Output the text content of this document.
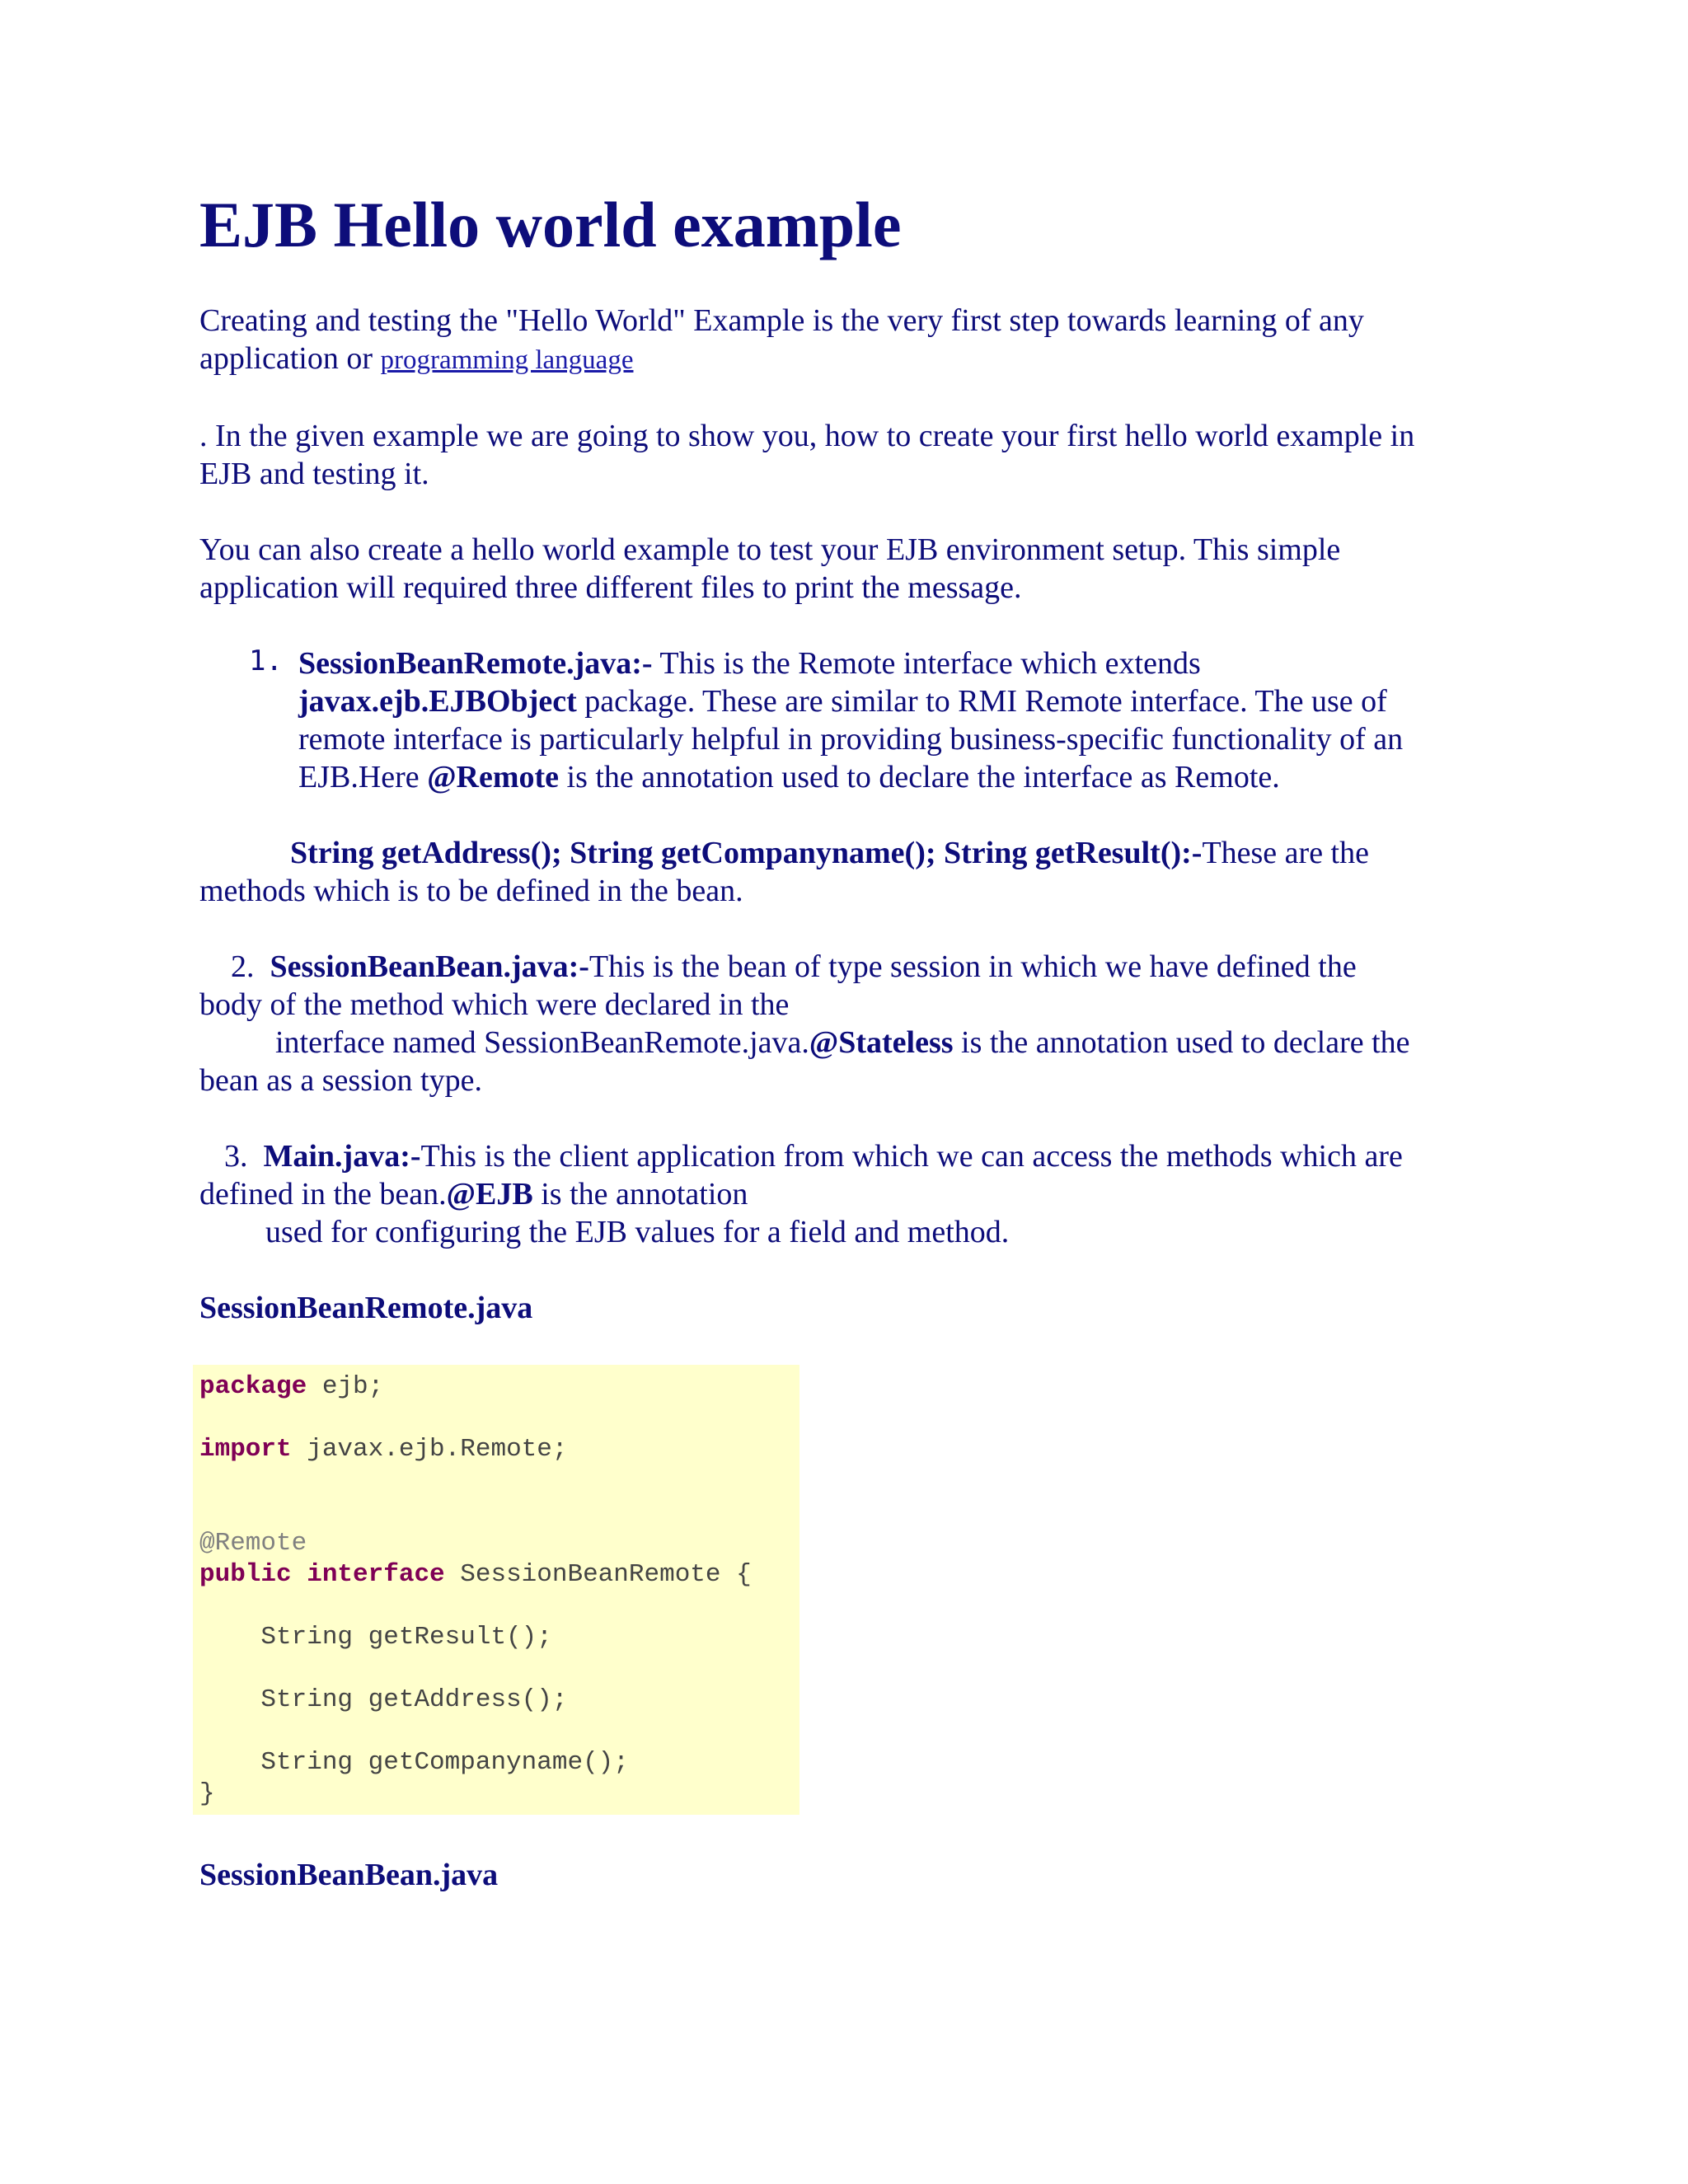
EJB Hello world example
Creating and testing the "Hello World" Example is the very first step towards learning of any
application or programming language
. In the given example we are going to show you, how to create your first hello world example in
EJB and testing it.
You can also create a hello world example to test your EJB environment setup. This simple
application will required three different files to print the message.
1. SessionBeanRemote.java:- This is the Remote interface which extends
javax.ejb.EJBObject package. These are similar to RMI Remote interface. The use of
remote interface is particularly helpful in providing business-specific functionality of an
EJB.Here @Remote is the annotation used to declare the interface as Remote.
String getAddress(); String getCompanyname(); String getResult():-These are the
methods which is to be defined in the bean.
2. SessionBeanBean.java:-This is the bean of type session in which we have defined the
body of the method which were declared in the
interface named SessionBeanRemote.java.@Stateless is the annotation used to declare the
bean as a session type.
3. Main.java:-This is the client application from which we can access the methods which are
defined in the bean.@EJB is the annotation
used for configuring the EJB values for a field and method.
SessionBeanRemote.java
package ejb;
import javax.ejb.Remote;
@Remote
public interface SessionBeanRemote {
String getResult();
String getAddress();
String getCompanyname();
}
SessionBeanBean.java
